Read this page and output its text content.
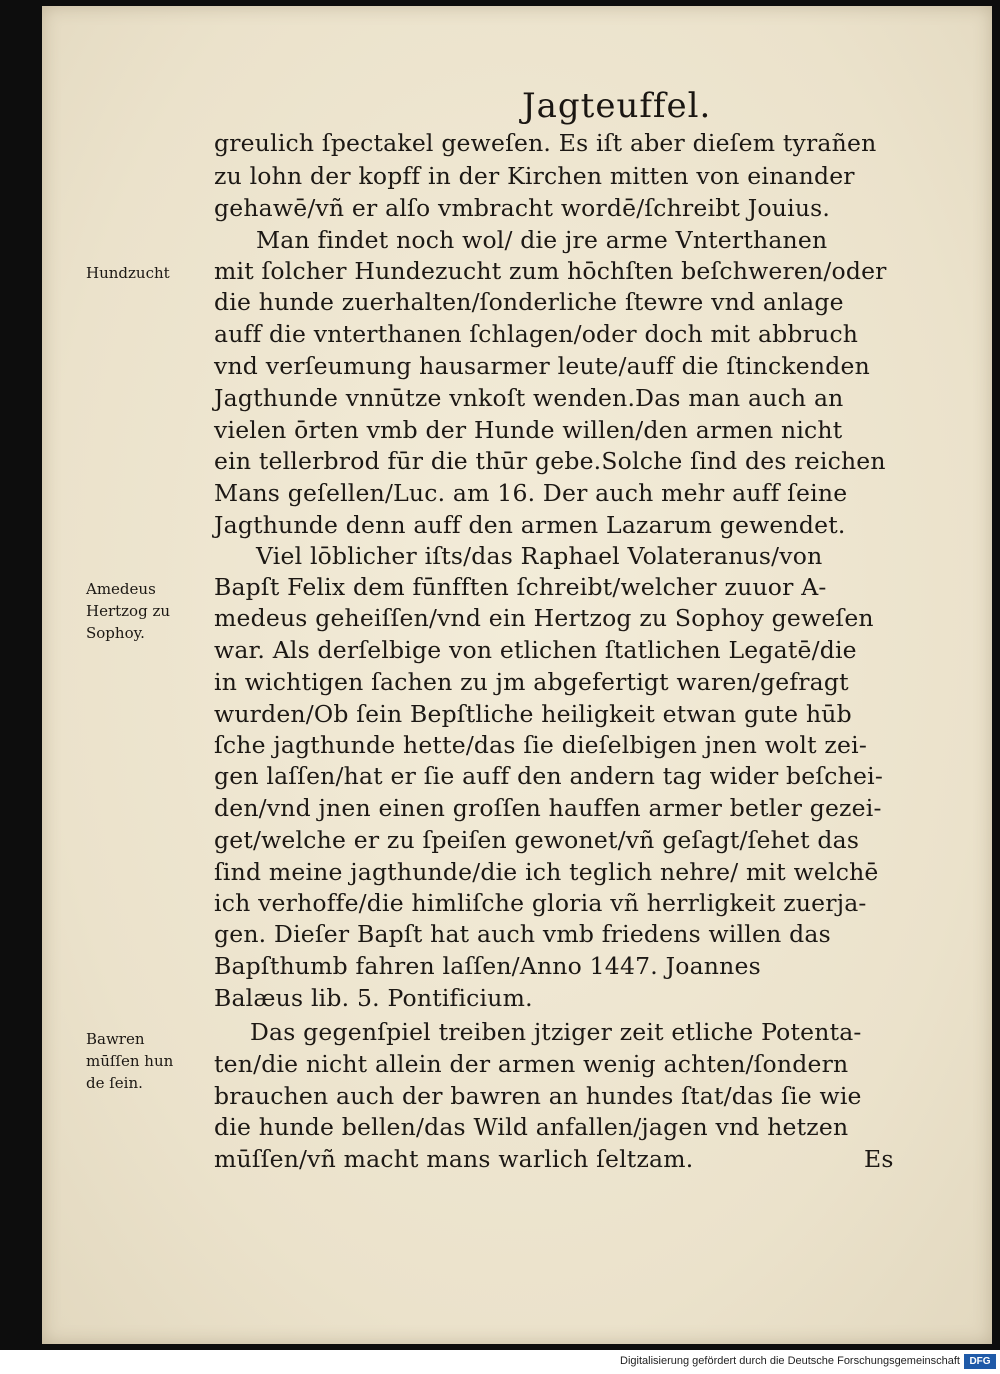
Jagteuffel.
greulich ſpectakel geweſen. Es iſt aber dieſem tyrañen
zu lohn der kopff in der Kirchen mitten von einander
gehawē/vñ er alſo vmbracht wordē/ſchreibt Jouius.
Man findet noch wol/ die jre arme Vnterthanen
mit ſolcher Hundezucht zum hōchſten beſchweren/oder
die hunde zuerhalten/ſonderliche ſtewre vnd anlage
auff die vnterthanen ſchlagen/oder doch mit abbruch
vnd verſeumung hausarmer leute/auff die ſtinckenden
Jagthunde vnnūtze vnkoſt wenden.Das man auch an
vielen ōrten vmb der Hunde willen/den armen nicht
ein tellerbrod fūr die thūr gebe.Solche ſind des reichen
Mans geſellen/Luc. am 16. Der auch mehr auff ſeine
Jagthunde denn auff den armen Lazarum gewendet.
Viel lōblicher iſts/das Raphael Volateranus/von
Bapſt Felix dem fūnfften ſchreibt/welcher zuuor A-
medeus geheiſſen/vnd ein Hertzog zu Sophoy geweſen
war. Als derſelbige von etlichen ſtatlichen Legatē/die
in wichtigen ſachen zu jm abgefertigt waren/gefragt
wurden/Ob ſein Bepſtliche heiligkeit etwan gute hūb
ſche jagthunde hette/das ſie dieſelbigen jnen wolt zei-
gen laſſen/hat er ſie auff den andern tag wider beſchei-
den/vnd jnen einen groſſen hauffen armer betler gezei-
get/welche er zu ſpeiſen gewonet/vñ geſagt/ſehet das
ſind meine jagthunde/die ich teglich nehre/ mit welchē
ich verhoffe/die himliſche gloria vñ herrligkeit zuerja-
gen. Dieſer Bapſt hat auch vmb friedens willen das
Bapſthumb fahren laſſen/Anno 1447. Joannes
Balæus lib. 5. Pontificium.
Das gegenſpiel treiben jtziger zeit etliche Potenta-
ten/die nicht allein der armen wenig achten/ſondern
brauchen auch der bawren an hundes ſtat/das ſie wie
die hunde bellen/das Wild anfallen/jagen vnd hetzen
mūſſen/vñ macht mans warlich ſeltzam.	Es
Hundzucht
Amedeus
Hertzog zu
Sophoy.
Bawren
mūſſen hun
de ſein.
Digitalisierung gefördert durch die Deutsche Forschungsgemeinschaft DFG
